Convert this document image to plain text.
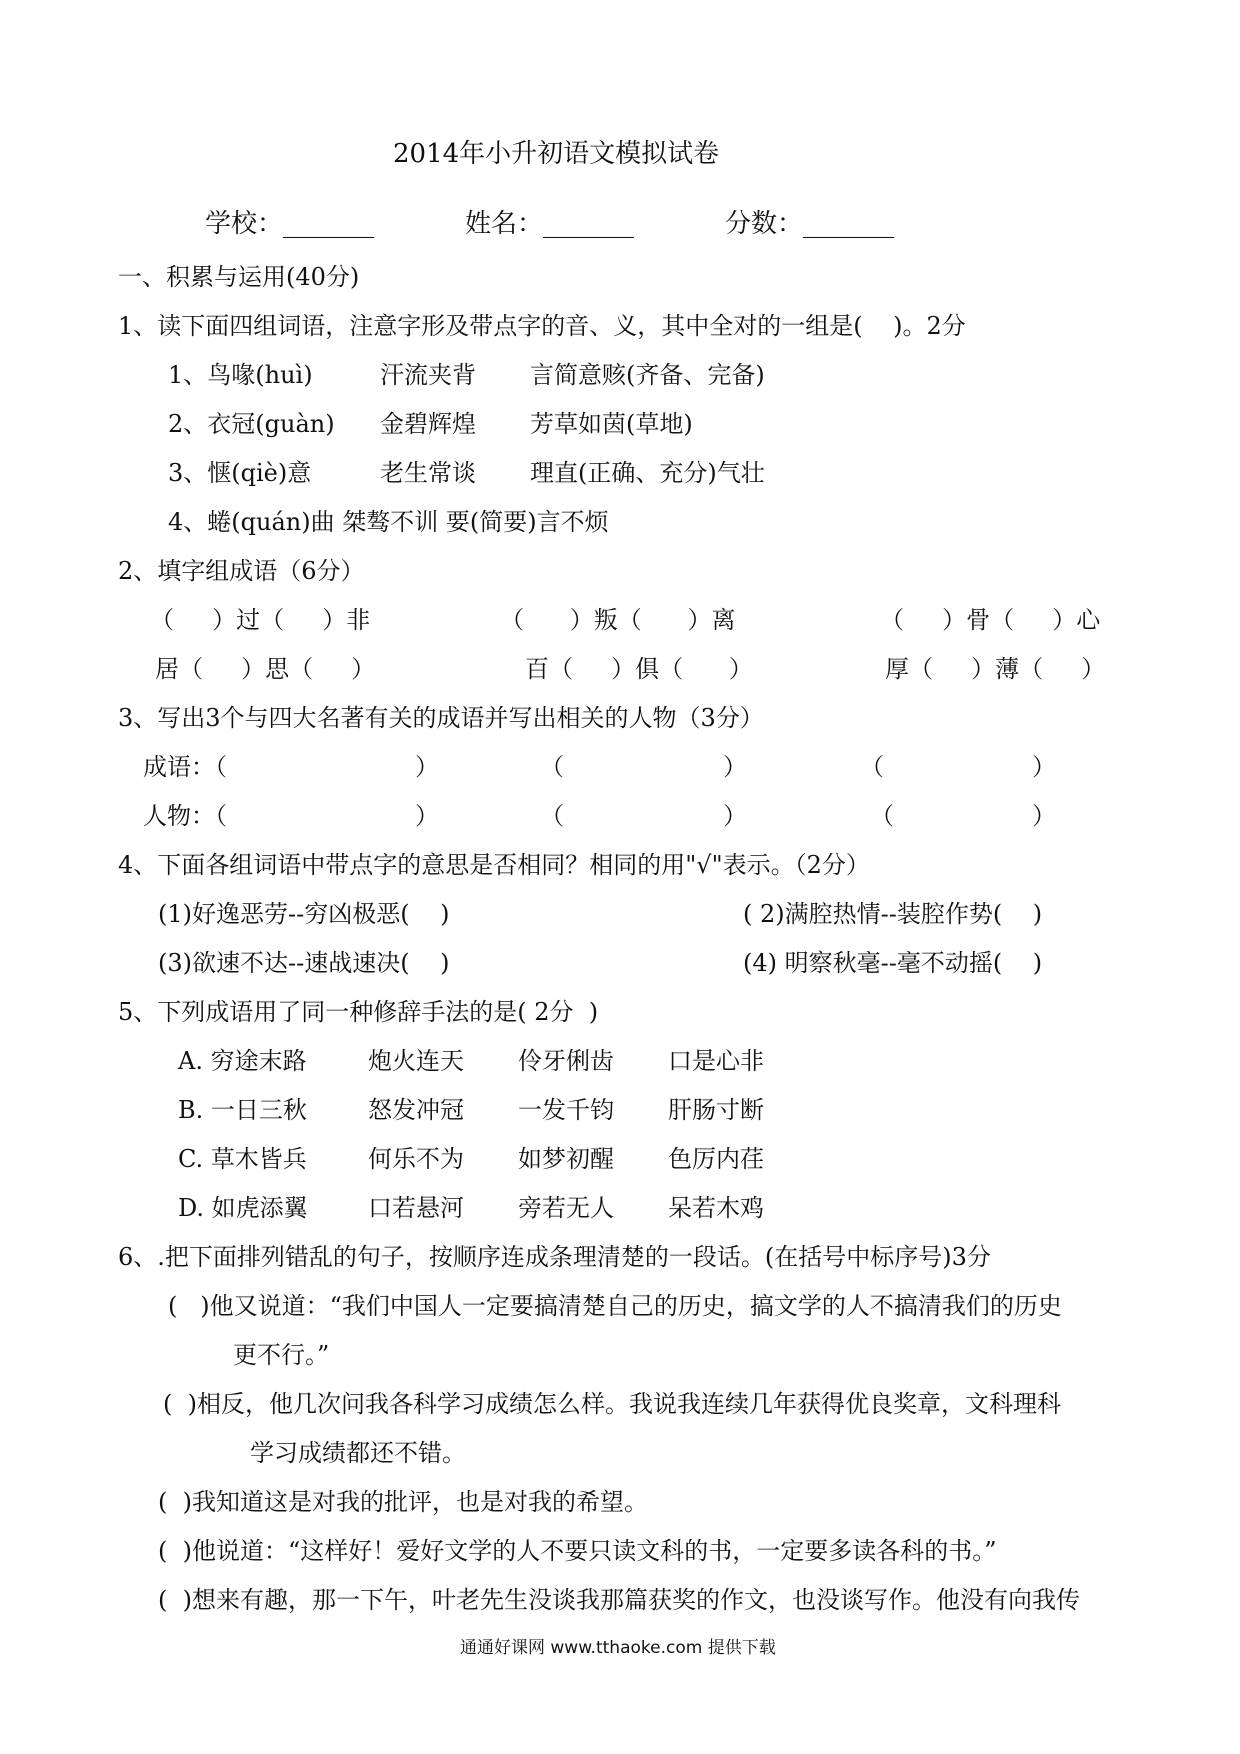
2014年小升初语文模拟试卷
学校：_______	姓名：_______	分数：_______
一、积累与运用(40分)
1、读下面四组词语，注意字形及带点字的音、义，其中全对的一组是(    )。2分
1、鸟喙(huì)	汗流夹背 言简意赅(齐备、完备)
2、衣冠(guàn) 金碧辉煌 芳草如茵(草地)
3、惬(qiè)意	老生常谈 理直(正确、充分)气壮
4、蜷(quán)曲 桀骜不训 要(简要)言不烦
2、填字组成语（6分）
（     ）过（     ）非	（      ）叛（      ）离	（     ）骨（     ）心
居（     ）思（     ）	百（     ）俱（      ）	厚（     ）薄（     ）
3、写出3个与四大名著有关的成语并写出相关的人物（3分）
成语：（	）	（	）	（	）
人物：（	）	（	）	（	）
4、下面各组词语中带点字的意思是否相同？相同的用"√"表示。（2分）
(1)好逸恶劳--穷凶极恶(    )	( 2)满腔热情--装腔作势(    )
(3)欲速不达--速战速决(    )	(4) 明察秋毫--毫不动摇(    )
5、下列成语用了同一种修辞手法的是( 2分  )
A. 穷途末路	炮火连天 伶牙俐齿 口是心非
B. 一日三秋	怒发冲冠 一发千钧 肝肠寸断
C. 草木皆兵	何乐不为 如梦初醒 色厉内荏
D. 如虎添翼	口若悬河 旁若无人 呆若木鸡
6、.把下面排列错乱的句子，按顺序连成条理清楚的一段话。(在括号中标序号)3分
(   )他又说道：“我们中国人一定要搞清楚自己的历史，搞文学的人不搞清我们的历史
更不行。”
(  )相反，他几次问我各科学习成绩怎么样。我说我连续几年获得优良奖章，文科理科
学习成绩都还不错。
(  )我知道这是对我的批评，也是对我的希望。
(  )他说道：“这样好！爱好文学的人不要只读文科的书，一定要多读各科的书。”
(  )想来有趣，那一下午，叶老先生没谈我那篇获奖的作文，也没谈写作。他没有向我传
通通好课网 www.tthaoke.com 提供下载
